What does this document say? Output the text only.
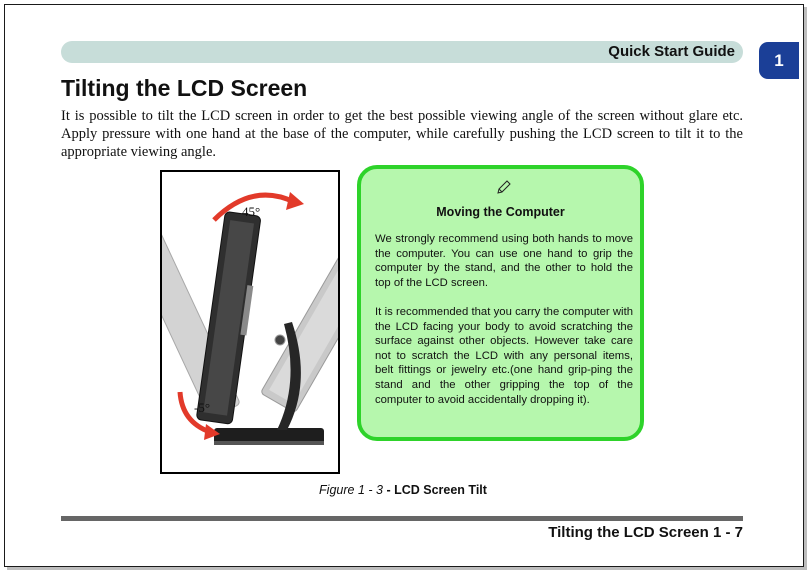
Quick Start Guide	1
Tilting the LCD Screen

It is possible to tilt the LCD screen in order to get the best possible viewing angle of the screen without glare etc. Apply pressure with one hand at the base of the computer, while carefully pushing the LCD screen to tilt it to the appropriate viewing angle.

45°
-5°
Moving the Computer

We strongly recommend using both hands to move the computer. You can use one hand to grip the computer by the stand, and the other to hold the top of the LCD screen.

It is recommended that you carry the computer with the LCD facing your body to avoid scratching the surface against other objects. However take care not to scratch the LCD with any personal items, belt fittings or jewelry etc.(one hand grip-ping the stand and the other gripping the top of the computer to avoid accidentally dropping it).

Figure 1 - 3 - LCD Screen Tilt
Tilting the LCD Screen 1 - 7
